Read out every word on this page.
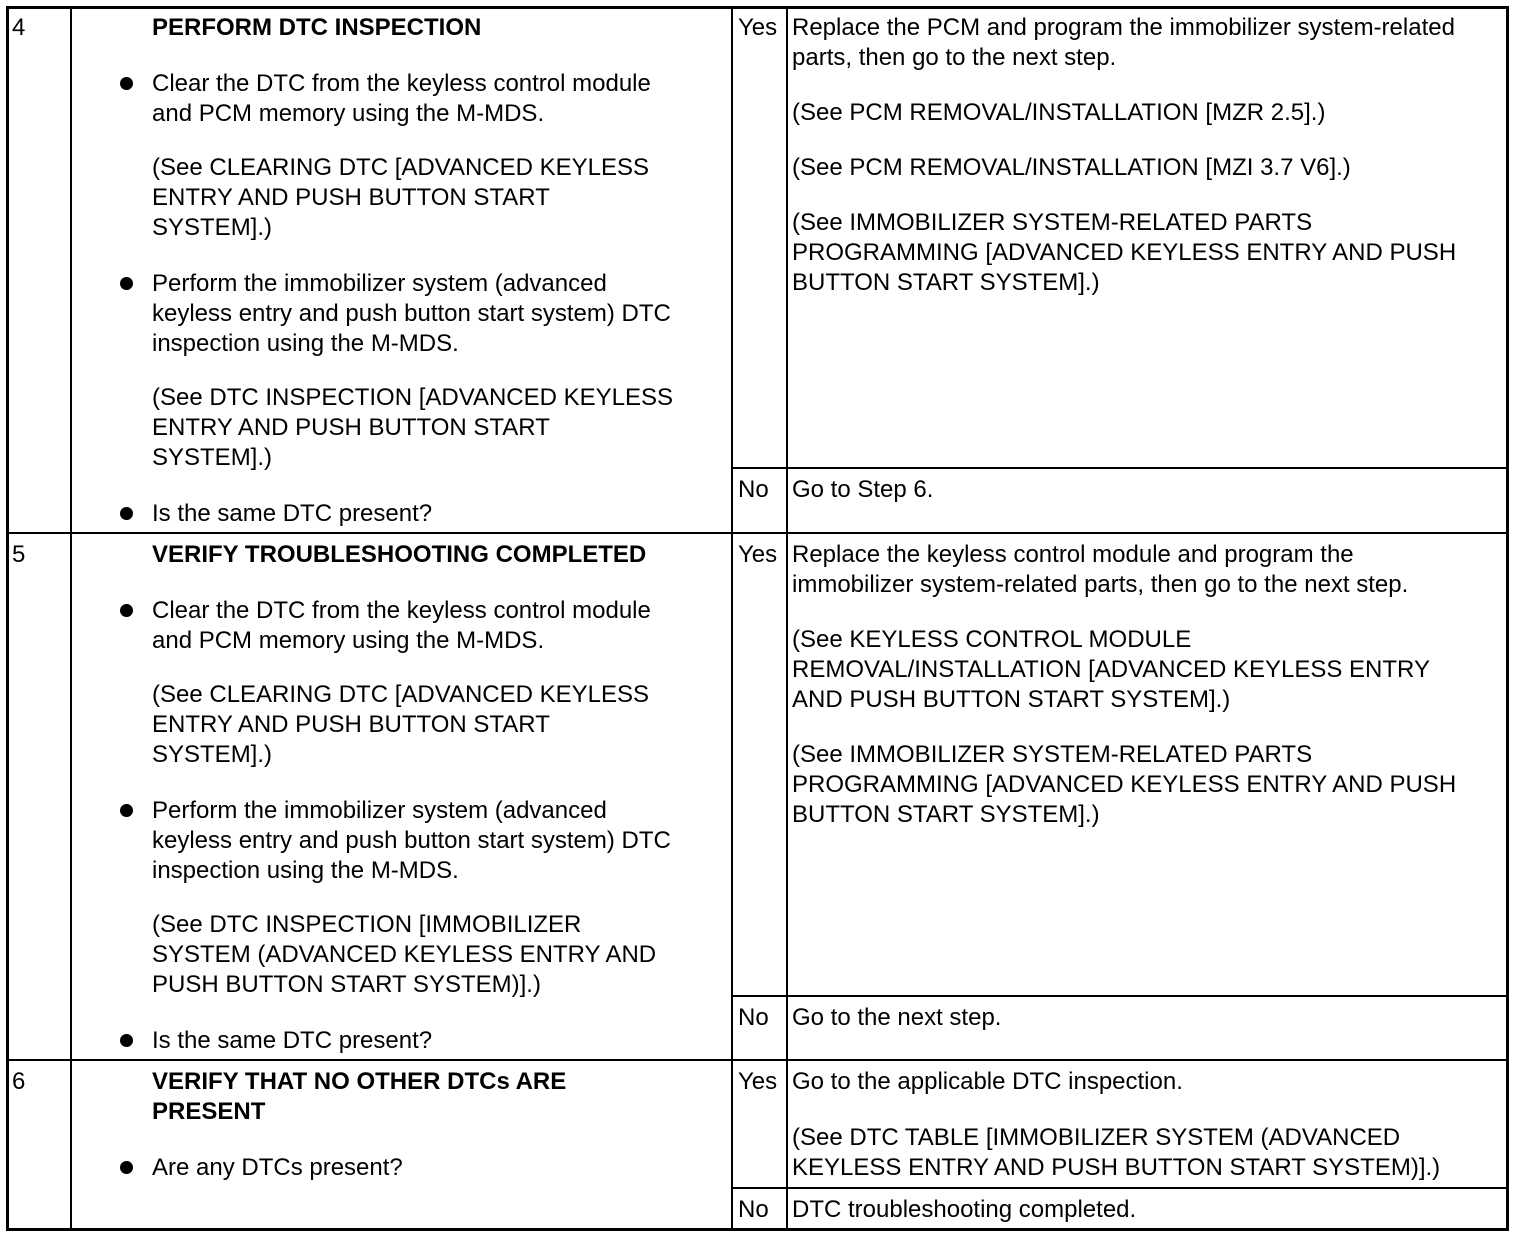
4	PERFORM DTC INSPECTION
Clear the DTC from the keyless control module
and PCM memory using the M-MDS.
(See CLEARING DTC [ADVANCED KEYLESS
ENTRY AND PUSH BUTTON START
SYSTEM].)
Perform the immobilizer system (advanced
keyless entry and push button start system) DTC
inspection using the M-MDS.
(See DTC INSPECTION [ADVANCED KEYLESS
ENTRY AND PUSH BUTTON START
SYSTEM].)
Is the same DTC present?
Yes Replace the PCM and program the immobilizer system-related
parts, then go to the next step.
(See PCM REMOVAL/INSTALLATION [MZR 2.5].)
(See PCM REMOVAL/INSTALLATION [MZI 3.7 V6].)
(See IMMOBILIZER SYSTEM-RELATED PARTS
PROGRAMMING [ADVANCED KEYLESS ENTRY AND PUSH
BUTTON START SYSTEM].)
No Go to Step 6.
5	VERIFY TROUBLESHOOTING COMPLETED
Clear the DTC from the keyless control module
and PCM memory using the M-MDS.
(See CLEARING DTC [ADVANCED KEYLESS
ENTRY AND PUSH BUTTON START
SYSTEM].)
Perform the immobilizer system (advanced
keyless entry and push button start system) DTC
inspection using the M-MDS.
(See DTC INSPECTION [IMMOBILIZER
SYSTEM (ADVANCED KEYLESS ENTRY AND
PUSH BUTTON START SYSTEM)].)
Is the same DTC present?
Yes Replace the keyless control module and program the
immobilizer system-related parts, then go to the next step.
(See KEYLESS CONTROL MODULE
REMOVAL/INSTALLATION [ADVANCED KEYLESS ENTRY
AND PUSH BUTTON START SYSTEM].)
(See IMMOBILIZER SYSTEM-RELATED PARTS
PROGRAMMING [ADVANCED KEYLESS ENTRY AND PUSH
BUTTON START SYSTEM].)
No Go to the next step.
6	VERIFY THAT NO OTHER DTCs ARE
PRESENT
Are any DTCs present?
Yes Go to the applicable DTC inspection.
(See DTC TABLE [IMMOBILIZER SYSTEM (ADVANCED
KEYLESS ENTRY AND PUSH BUTTON START SYSTEM)].)
No DTC troubleshooting completed.
